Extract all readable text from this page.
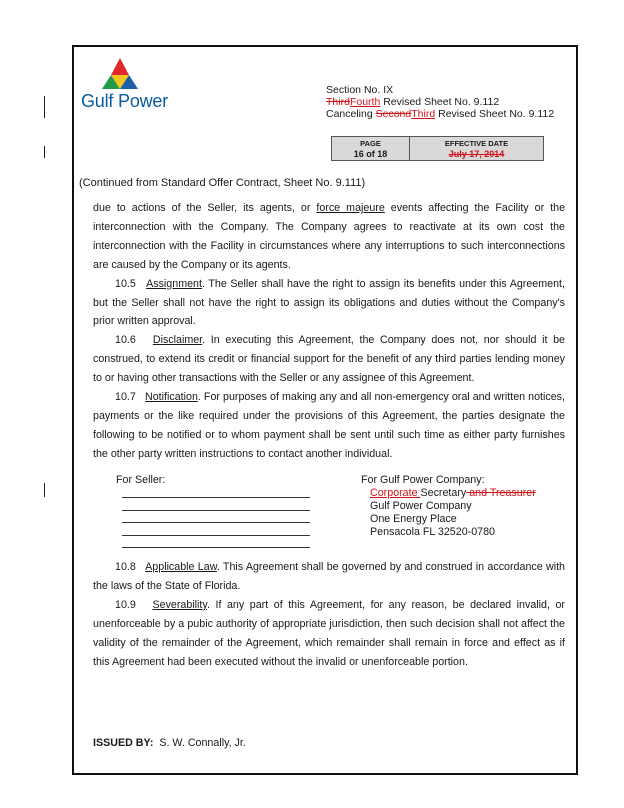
Gulf Power
Section No. IX
ThirdFourth Revised Sheet No. 9.112
Canceling SecondThird Revised Sheet No. 9.112
PAGE
16 of 18
EFFECTIVE DATE
July 17, 2014
(Continued from Standard Offer Contract, Sheet No. 9.111)

due to actions of the Seller, its agents, or force majeure events affecting the Facility or the interconnection with the Company. The Company agrees to reactivate at its own cost the interconnection with the Facility in circumstances where any interruptions to such interconnections are caused by the Company or its agents.

10.5 Assignment. The Seller shall have the right to assign its benefits under this Agreement, but the Seller shall not have the right to assign its obligations and duties without the Company's prior written approval.

10.6 Disclaimer. In executing this Agreement, the Company does not, nor should it be construed, to extend its credit or financial support for the benefit of any third parties lending money to or having other transactions with the Seller or any assignee of this Agreement.

10.7 Notification. For purposes of making any and all non-emergency oral and written notices, payments or the like required under the provisions of this Agreement, the parties designate the following to be notified or to whom payment shall be sent until such time as either party furnishes the other party written instructions to contact another individual.

For Seller:	For Gulf Power Company:
Corporate Secretary and Treasurer
Gulf Power Company
One Energy Place
Pensacola FL 32520-0780

10.8 Applicable Law. This Agreement shall be governed by and construed in accordance with the laws of the State of Florida.

10.9 Severability. If any part of this Agreement, for any reason, be declared invalid, or unenforceable by a pubic authority of appropriate jurisdiction, then such decision shall not affect the validity of the remainder of the Agreement, which remainder shall remain in force and effect as if this Agreement had been executed without the invalid or unenforceable portion.

ISSUED BY: S. W. Connally, Jr.
